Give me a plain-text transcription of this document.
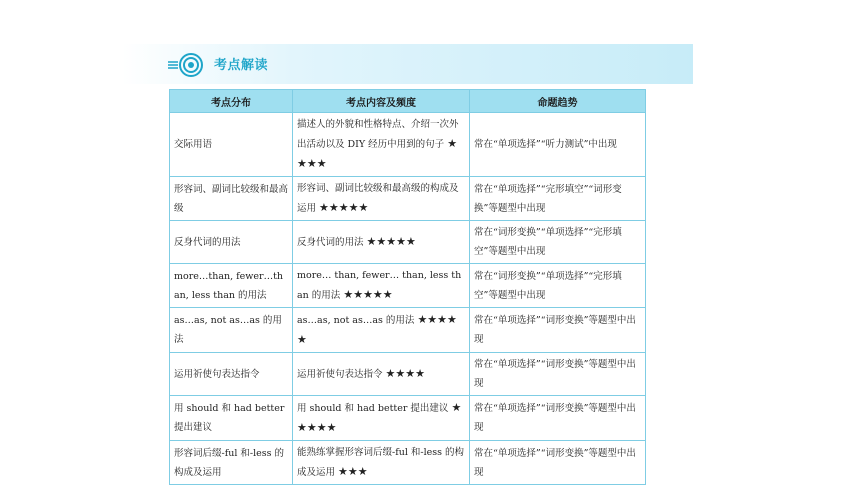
考点解读
考点分布	考点内容及频度	命题趋势
交际用语	描述人的外貌和性格特点、介绍一次外出活动以及 DIY 经历中用到的句子 ★★★★	常在“单项选择”“听力测试”中出现
形容词、副词比较级和最高级	形容词、副词比较级和最高级的构成及运用 ★★★★★	常在“单项选择”“完形填空”“词形变换”等题型中出现
反身代词的用法	反身代词的用法 ★★★★★	常在“词形变换”“单项选择”“完形填空”等题型中出现
more…than, fewer…than, less than 的用法	more… than, fewer… than, less than 的用法 ★★★★★	常在“词形变换”“单项选择”“完形填空”等题型中出现
as…as, not as…as 的用法	as…as, not as…as 的用法 ★★★★★	常在“单项选择”“词形变换”等题型中出现
运用祈使句表达指令	运用祈使句表达指令 ★★★★	常在“单项选择”“词形变换”等题型中出现
用 should 和 had better 提出建议	用 should 和 had better 提出建议 ★★★★★	常在“单项选择”“词形变换”等题型中出现
形容词后缀-ful 和-less 的构成及运用	能熟练掌握形容词后缀-ful 和-less 的构成及运用 ★★★	常在“单项选择”“词形变换”等题型中出现
